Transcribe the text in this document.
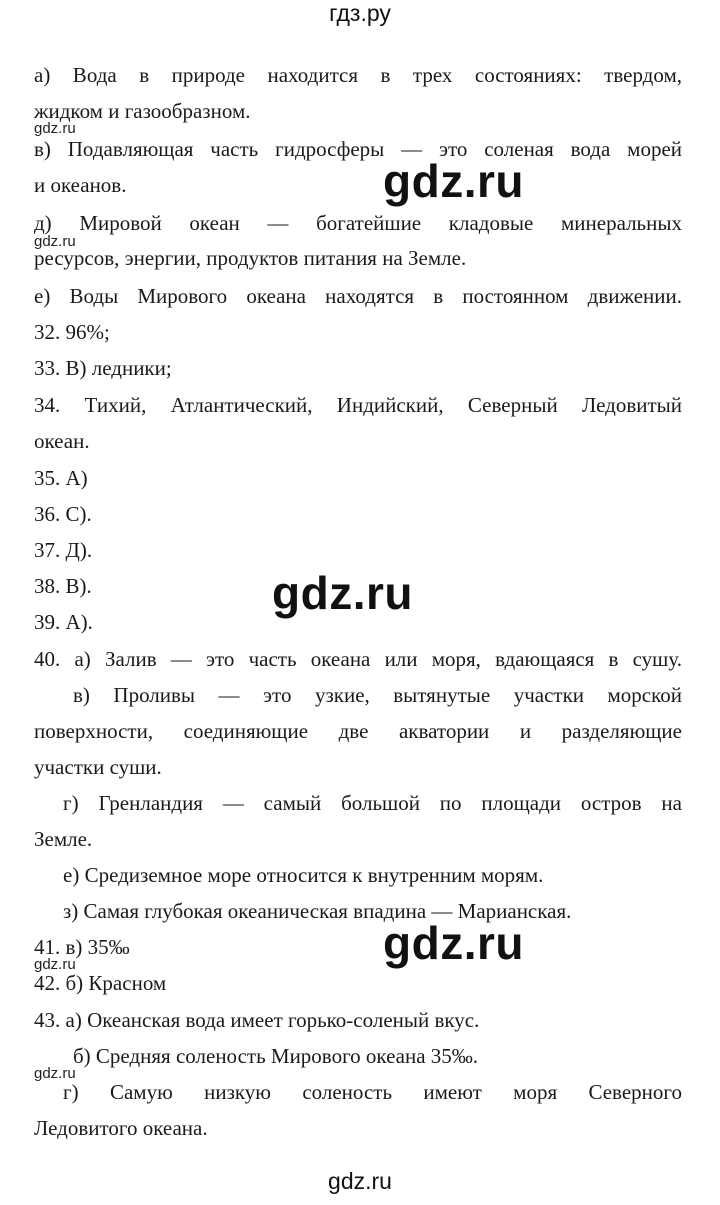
гдз.ру
а) Вода в природе находится в трех состояниях: твердом,
жидком и газообразном.
в) Подавляющая часть гидросферы — это соленая вода морей
и океанов.
д) Мировой океан — богатейшие кладовые минеральных
ресурсов, энергии, продуктов питания на Земле.
е) Воды Мирового океана находятся в постоянном движении.
32. 96%;
33. В) ледники;
34. Тихий, Атлантический, Индийский, Северный Ледовитый
океан.
35. А)
36. С).
37. Д).
38. В).
39. А).
40. а) Залив — это часть океана или моря, вдающаяся в сушу.
в) Проливы — это узкие, вытянутые участки морской
поверхности, соединяющие две акватории и разделяющие
участки суши.
г) Гренландия — самый большой по площади остров на
Земле.
е) Средиземное море относится к внутренним морям.
з) Самая глубокая океаническая впадина — Марианская.
41. в) 35‰
42. б) Красном
43. а) Океанская вода имеет горько-соленый вкус.
б) Средняя соленость Мирового океана 35‰.
г) Самую низкую соленость имеют моря Северного
Ледовитого океана.
gdz.ru
gdz.ru
gdz.ru
gdz.ru
gdz.ru
gdz.ru
gdz.ru
gdz.ru
